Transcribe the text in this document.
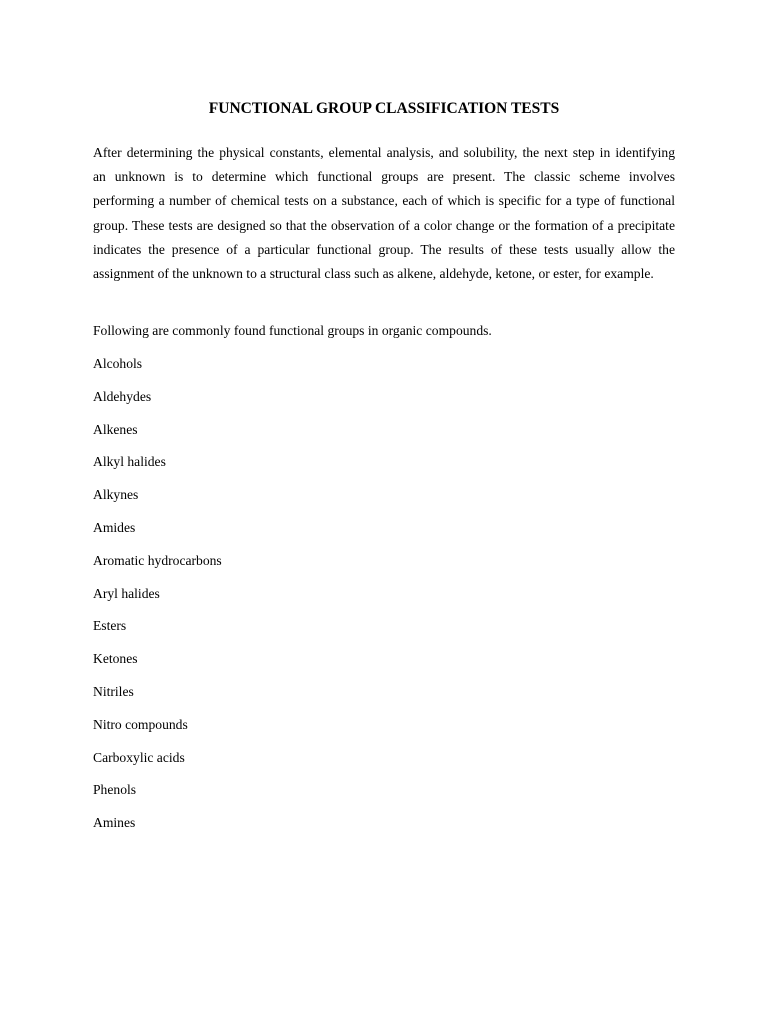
FUNCTIONAL GROUP CLASSIFICATION TESTS

After determining the physical constants, elemental analysis, and solubility, the next step in identifying
an unknown is to determine which functional groups are present. The classic scheme involves
performing a number of chemical tests on a substance, each of which is specific for a type of functional
group. These tests are designed so that the observation of a color change or the formation of a precipitate
indicates the presence of a particular functional group. The results of these tests usually allow the
assignment of the unknown to a structural class such as alkene, aldehyde, ketone, or ester, for example.

Following are commonly found functional groups in organic compounds.

Alcohols
Aldehydes
Alkenes
Alkyl halides
Alkynes
Amides
Aromatic hydrocarbons
Aryl halides
Esters
Ketones
Nitriles
Nitro compounds
Carboxylic acids
Phenols
Amines
